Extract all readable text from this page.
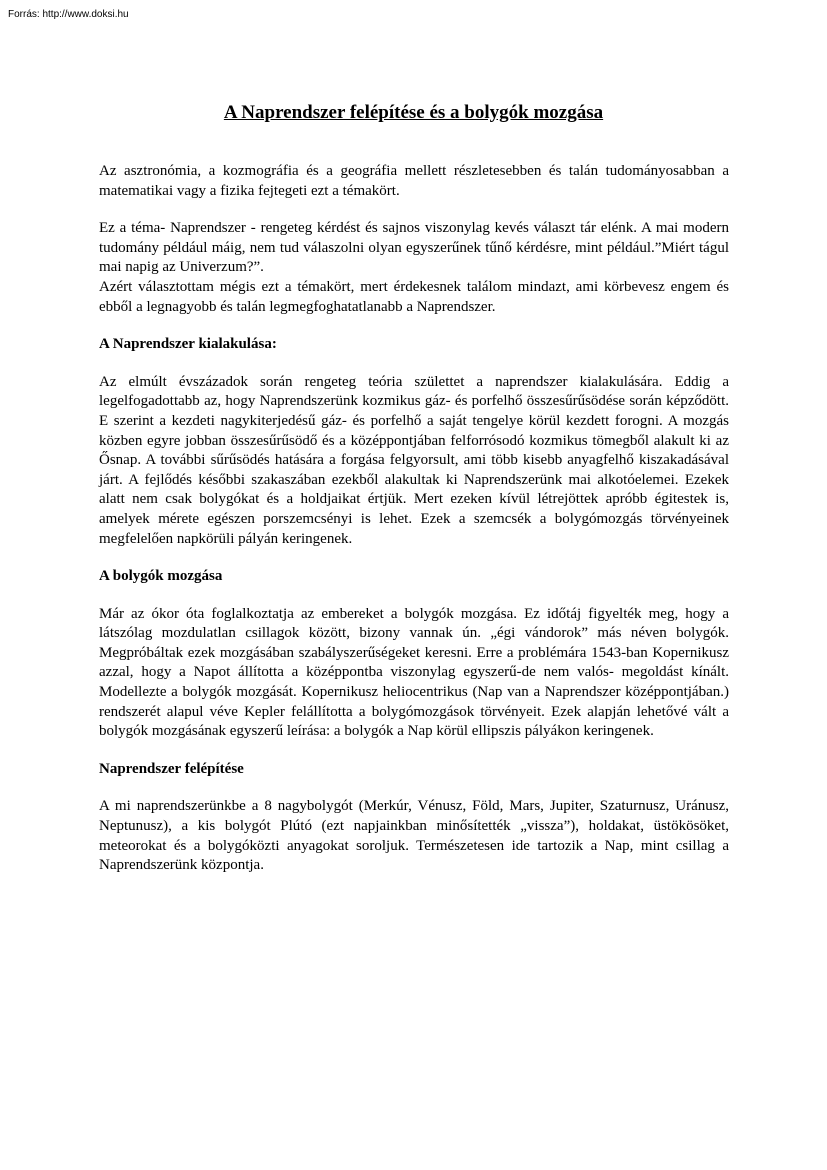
Forrás: http://www.doksi.hu
A Naprendszer felépítése és a bolygók mozgása

Az asztronómia, a kozmográfia és a geográfia mellett részletesebben és talán tudományosabban a matematikai vagy a fizika fejtegeti ezt a témakört.

Ez a téma- Naprendszer - rengeteg kérdést és sajnos viszonylag kevés választ tár elénk. A mai modern tudomány például máig, nem tud válaszolni olyan egyszerűnek tűnő kérdésre, mint például.”Miért tágul mai napig az Univerzum?”.

Azért választottam mégis ezt a témakört, mert érdekesnek találom mindazt, ami körbevesz engem és ebből a legnagyobb és talán legmegfoghatatlanabb a Naprendszer.

A Naprendszer kialakulása:

Az elmúlt évszázadok során rengeteg teória születtet a naprendszer kialakulására. Eddig a legelfogadottabb az, hogy Naprendszerünk kozmikus gáz- és porfelhő összesűrűsödése során képződött. E szerint a kezdeti nagykiterjedésű gáz- és porfelhő a saját tengelye körül kezdett forogni. A mozgás közben egyre jobban összesűrűsödő és a középpontjában felforrósodó kozmikus tömegből alakult ki az Ősnap. A további sűrűsödés hatására a forgása felgyorsult, ami több kisebb anyagfelhő kiszakadásával járt. A fejlődés későbbi szakaszában ezekből alakultak ki Naprendszerünk mai alkotóelemei. Ezekek alatt nem csak bolygókat és a holdjaikat értjük. Mert ezeken kívül létrejöttek apróbb égitestek is, amelyek mérete egészen porszemcsényi is lehet. Ezek a szemcsék a bolygómozgás törvényeinek megfelelően napkörüli pályán keringenek.

A bolygók mozgása

Már az ókor óta foglalkoztatja az embereket a bolygók mozgása. Ez időtáj figyelték meg, hogy a látszólag mozdulatlan csillagok között, bizony vannak ún. „égi vándorok” más néven bolygók. Megpróbáltak ezek mozgásában szabályszerűségeket keresni. Erre a problémára 1543-ban Kopernikusz azzal, hogy a Napot állította a középpontba viszonylag egyszerű-de nem valós- megoldást kínált. Modellezte a bolygók mozgását. Kopernikusz heliocentrikus (Nap van a Naprendszer középpontjában.) rendszerét alapul véve Kepler felállította a bolygómozgások törvényeit. Ezek alapján lehetővé vált a bolygók mozgásának egyszerű leírása: a bolygók a Nap körül ellipszis pályákon keringenek.

Naprendszer felépítése

A mi naprendszerünkbe a 8 nagybolygót (Merkúr, Vénusz, Föld, Mars, Jupiter, Szaturnusz, Uránusz, Neptunusz), a kis bolygót Plútó (ezt napjainkban minősítették „vissza”), holdakat, üstökösöket, meteorokat és a bolygóközti anyagokat soroljuk. Természetesen ide tartozik a Nap, mint csillag a Naprendszerünk központja.
